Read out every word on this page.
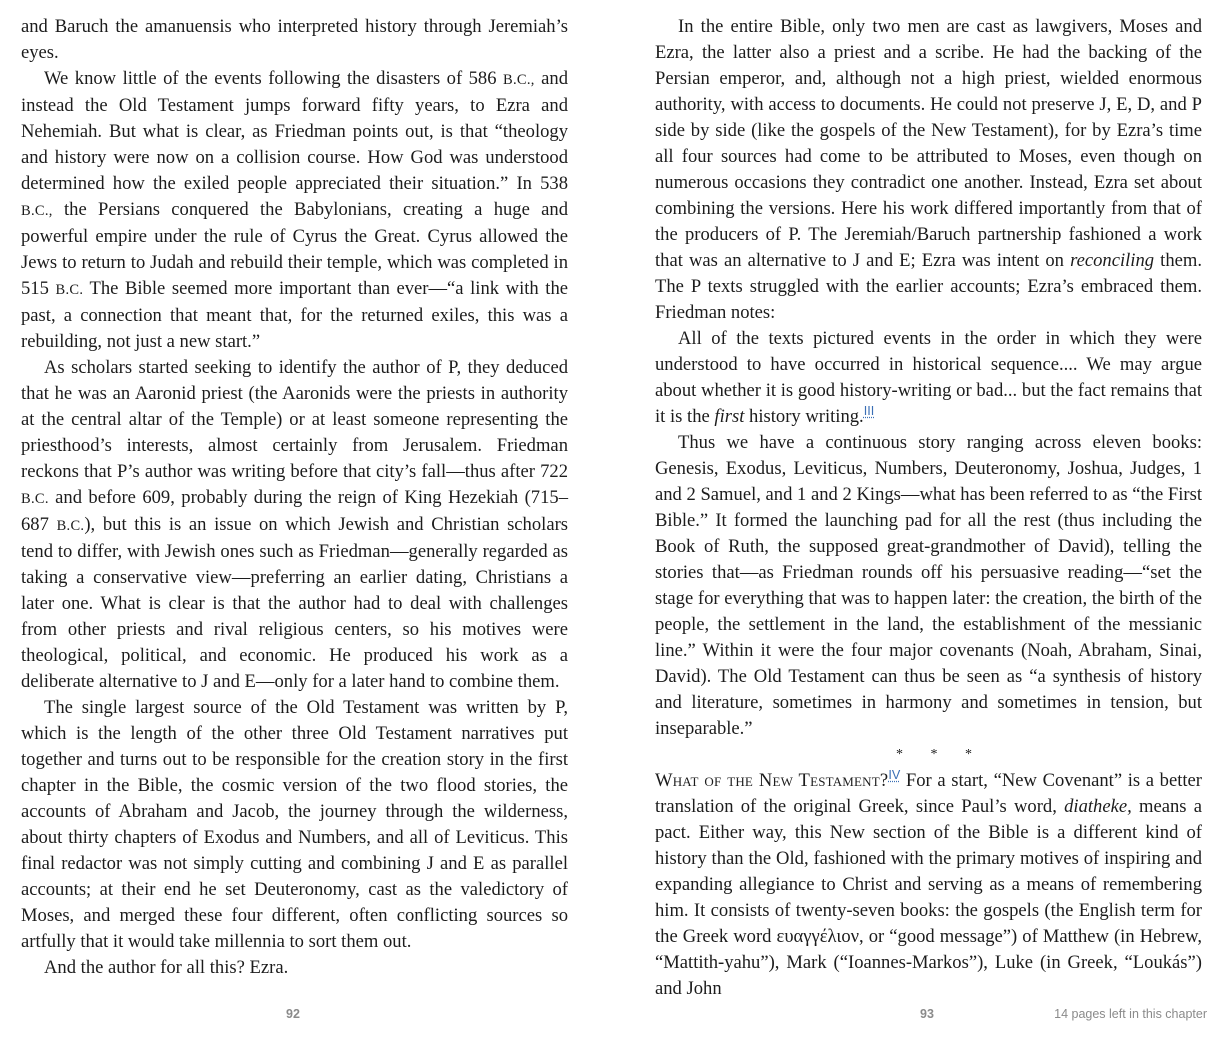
and Baruch the amanuensis who interpreted history through Jeremiah’s eyes.

We know little of the events following the disasters of 586 B.C., and instead the Old Testament jumps forward fifty years, to Ezra and Nehemiah. But what is clear, as Friedman points out, is that “theology and history were now on a collision course. How God was understood determined how the exiled people appreciated their situation.” In 538 B.C., the Persians conquered the Babylonians, creating a huge and powerful empire under the rule of Cyrus the Great. Cyrus allowed the Jews to return to Judah and rebuild their temple, which was completed in 515 B.C. The Bible seemed more important than ever—“a link with the past, a connection that meant that, for the returned exiles, this was a rebuilding, not just a new start.”

As scholars started seeking to identify the author of P, they deduced that he was an Aaronid priest (the Aaronids were the priests in authority at the central altar of the Temple) or at least someone representing the priesthood’s interests, almost certainly from Jerusalem. Friedman reckons that P’s author was writing before that city’s fall—thus after 722 B.C. and before 609, probably during the reign of King Hezekiah (715–687 B.C.), but this is an issue on which Jewish and Christian scholars tend to differ, with Jewish ones such as Friedman—generally regarded as taking a conservative view—preferring an earlier dating, Christians a later one. What is clear is that the author had to deal with challenges from other priests and rival religious centers, so his motives were theological, political, and economic. He produced his work as a deliberate alternative to J and E—only for a later hand to combine them.

The single largest source of the Old Testament was written by P, which is the length of the other three Old Testament narratives put together and turns out to be responsible for the creation story in the first chapter in the Bible, the cosmic version of the two flood stories, the accounts of Abraham and Jacob, the journey through the wilderness, about thirty chapters of Exodus and Numbers, and all of Leviticus. This final redactor was not simply cutting and combining J and E as parallel accounts; at their end he set Deuteronomy, cast as the valedictory of Moses, and merged these four different, often conflicting sources so artfully that it would take millennia to sort them out.

And the author for all this? Ezra.

In the entire Bible, only two men are cast as lawgivers, Moses and Ezra, the latter also a priest and a scribe. He had the backing of the Persian emperor, and, although not a high priest, wielded enormous authority, with access to documents. He could not preserve J, E, D, and P side by side (like the gospels of the New Testament), for by Ezra’s time all four sources had come to be attributed to Moses, even though on numerous occasions they contradict one another. Instead, Ezra set about combining the versions. Here his work differed importantly from that of the producers of P. The Jeremiah/Baruch partnership fashioned a work that was an alternative to J and E; Ezra was intent on reconciling them. The P texts struggled with the earlier accounts; Ezra’s embraced them. Friedman notes:

All of the texts pictured events in the order in which they were understood to have occurred in historical sequence.... We may argue about whether it is good history-writing or bad... but the fact remains that it is the first history writing.$^{III}$

Thus we have a continuous story ranging across eleven books: Genesis, Exodus, Leviticus, Numbers, Deuteronomy, Joshua, Judges, 1 and 2 Samuel, and 1 and 2 Kings—what has been referred to as “the First Bible.” It formed the launching pad for all the rest (thus including the Book of Ruth, the supposed great-grandmother of David), telling the stories that—as Friedman rounds off his persuasive reading—“set the stage for everything that was to happen later: the creation, the birth of the people, the settlement in the land, the establishment of the messianic line.” Within it were the four major covenants (Noah, Abraham, Sinai, David). The Old Testament can thus be seen as “a synthesis of history and literature, sometimes in harmony and sometimes in tension, but inseparable.”

* * *

What of the New Testament?$^{IV}$ For a start, “New Covenant” is a better translation of the original Greek, since Paul’s word, diatheke, means a pact. Either way, this New section of the Bible is a different kind of history than the Old, fashioned with the primary motives of inspiring and expanding allegiance to Christ and serving as a means of remembering him. It consists of twenty-seven books: the gospels (the English term for the Greek word ευαγγέλιον, or “good message”) of Matthew (in Hebrew, “Mattith-yahu”), Mark (“Ioannes-Markos”), Luke (in Greek, “Loukás”) and John

92	93	14 pages left in this chapter
